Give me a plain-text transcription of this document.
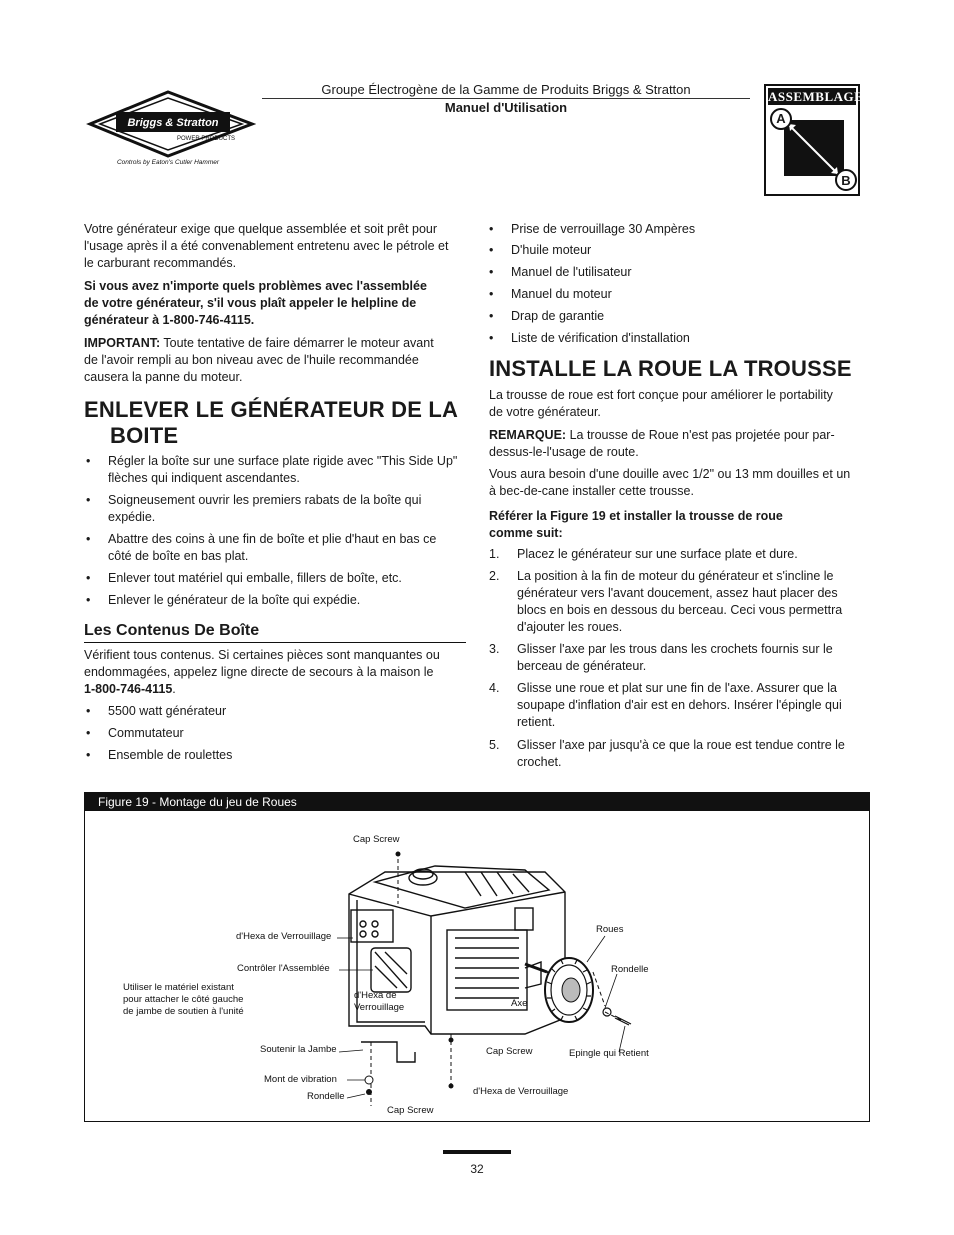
Briggs & Stratton
POWER PRODUCTS
Controls by Eaton's Cutler Hammer
Groupe Électrogène de la Gamme de Produits Briggs & Stratton
Manuel d'Utilisation
ASSEMBLAGE
A
B
Votre générateur exige que quelque assemblée et soit prêt pour
l'usage après il a été convenablement entretenu avec le pétrole et
le carburant recommandés.
Si vous avez n'importe quels problèmes avec l'assemblée
de votre générateur, s'il vous plaît appeler le helpline de
générateur à 1-800-746-4115.
IMPORTANT: Toute tentative de faire démarrer le moteur avant
de l'avoir rempli au bon niveau avec de l'huile recommandée
causera la panne du moteur.
ENLEVER LE GÉNÉRATEUR DE LA
BOITE
• Régler la boîte sur une surface plate rigide avec "This Side Up"
flèches qui indiquent ascendantes.
• Soigneusement ouvrir les premiers rabats de la boîte qui
expédie.
• Abattre des coins à une fin de boîte et plie d'haut en bas ce
côté de boîte en bas plat.
• Enlever tout matériel qui emballe, fillers de boîte, etc.
• Enlever le générateur de la boîte qui expédie.
Les Contenus De Boîte
Vérifient tous contenus. Si certaines pièces sont manquantes ou
endommagées, appelez ligne directe de secours à la maison le
1-800-746-4115.
• 5500 watt générateur
• Commutateur
• Ensemble de roulettes
• Prise de verrouillage 30 Ampères
• D'huile moteur
• Manuel de l'utilisateur
• Manuel du moteur
• Drap de garantie
• Liste de vérification d'installation
INSTALLE LA ROUE LA TROUSSE
La trousse de roue est fort conçue pour améliorer le portability
de votre générateur.
REMARQUE: La trousse de Roue n'est pas projetée pour par-
dessus-le-l'usage de route.
Vous aura besoin d'une douille avec 1/2" ou 13 mm douilles et un
à bec-de-cane installer cette trousse.
Référer la Figure 19 et installer la trousse de roue
comme suit:
1. Placez le générateur sur une surface plate et dure.
2. La position à la fin de moteur du générateur et s'incline le
générateur vers l'avant doucement, assez haut placer des
blocs en bois en dessous du berceau. Ceci vous permettra
d'ajouter les roues.
3. Glisser l'axe par les trous dans les crochets fournis sur le
berceau de générateur.
4. Glisse une roue et plat sur une fin de l'axe. Assurer que la
soupape d'inflation d'air est en dehors. Insérer l'épingle qui
retient.
5. Glisser l'axe par jusqu'à ce que la roue est tendue contre le
crochet.
Figure 19 - Montage du jeu de Roues
Cap Screw
d'Hexa de Verrouillage
Contrôler l'Assemblée
Utiliser le matériel existant
pour attacher le côté gauche
de jambe de soutien à l'unité
d'Hexa de
Verrouillage
Soutenir la Jambe
Mont de vibration
Rondelle
Cap Screw
Cap Screw
d'Hexa de Verrouillage
Roues
Rondelle
Axe
Epingle qui Retient
32
